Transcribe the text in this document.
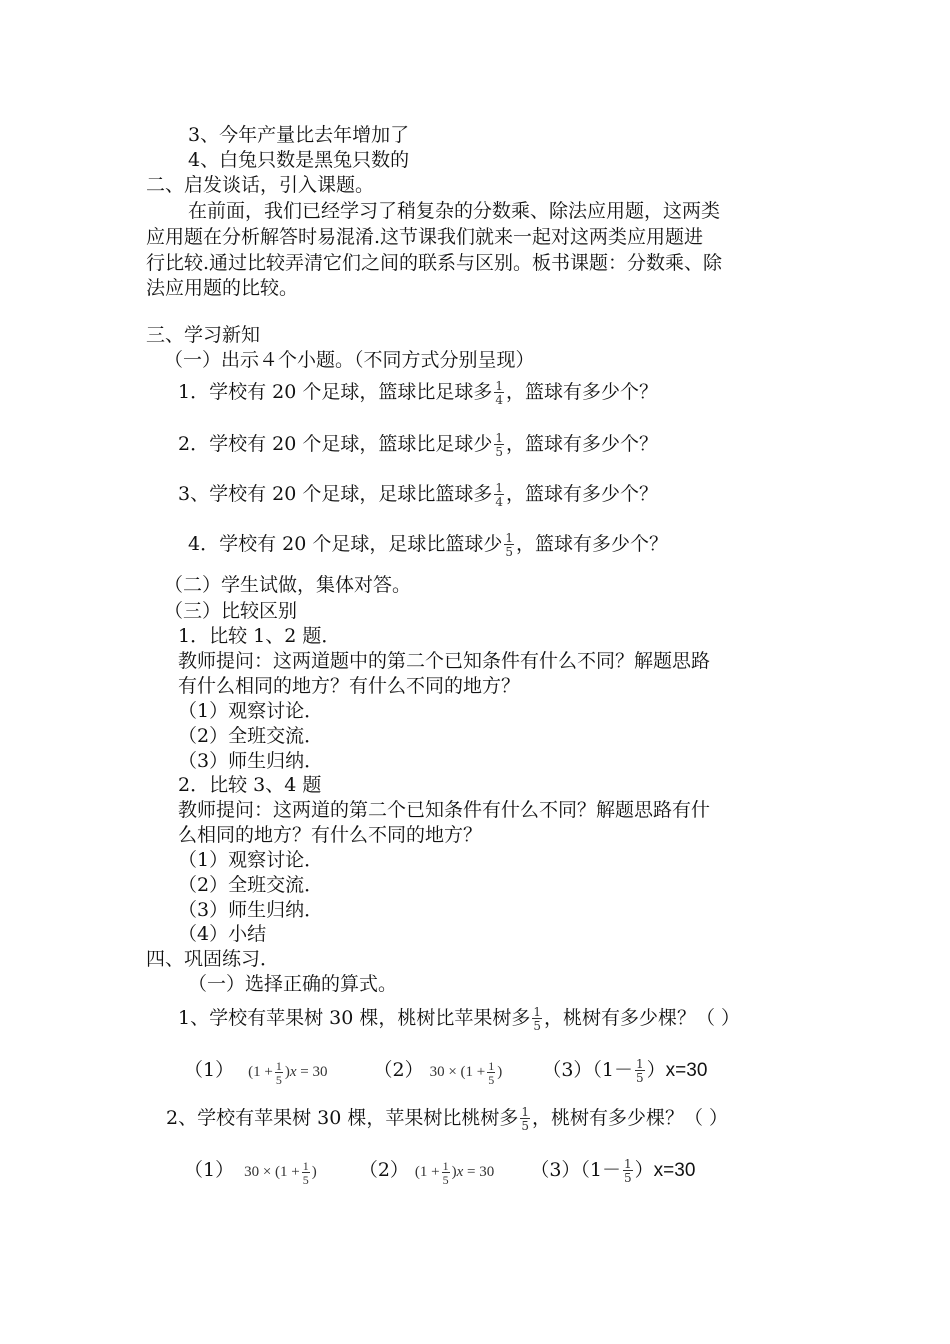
3、今年产量比去年增加了
4、白兔只数是黑兔只数的
二、启发谈话，引入课题。
在前面，我们已经学习了稍复杂的分数乘、除法应用题，这两类
应用题在分析解答时易混淆.这节课我们就来一起对这两类应用题进
行比较.通过比较弄清它们之间的联系与区别。板书课题：分数乘、除
法应用题的比较。
三、学习新知
（一）出示４个小题。（不同方式分别呈现）
1．学校有 20 个足球，篮球比足球多 $\frac{1}{4}$ ，篮球有多少个？
2．学校有 20 个足球，篮球比足球少 $\frac{1}{5}$ ，篮球有多少个？
3、学校有 20 个足球，足球比篮球多 $\frac{1}{4}$ ，篮球有多少个？
4．学校有 20 个足球，足球比篮球少 $\frac{1}{5}$ ，篮球有多少个？
（二）学生试做，集体对答。
（三）比较区别
1．比较 1、2 题．
教师提问：这两道题中的第二个已知条件有什么不同？解题思路
有什么相同的地方？有什么不同的地方？
（1）观察讨论．
（2）全班交流．
（3）师生归纳．
2．比较 3、4 题
教师提问：这两道的第二个已知条件有什么不同？解题思路有什
么相同的地方？有什么不同的地方？
（1）观察讨论．
（2）全班交流．
（3）师生归纳．
（4）小结
四、巩固练习．
（一）选择正确的算式。
1、学校有苹果树 30 棵，桃树比苹果树多 $\frac{1}{5}$ ，桃树有多少棵？（ ）
（1） $(1 + \frac{1}{5} )x = 30$ （2） $30 \times (1 + \frac{1}{5}$ ) $(3)(1- \frac{1}{5} )x=30$
2、学校有苹果树 30 棵，苹果树比桃树多 $\frac{1}{5}$ ，桃树有多少棵？（ ）
（1） $30 \times (1 + \frac{1}{5}$ ) （2） $(1 + \frac{1}{5} )x = 30$ $(3)(1- \frac{1}{5} )x=30$
